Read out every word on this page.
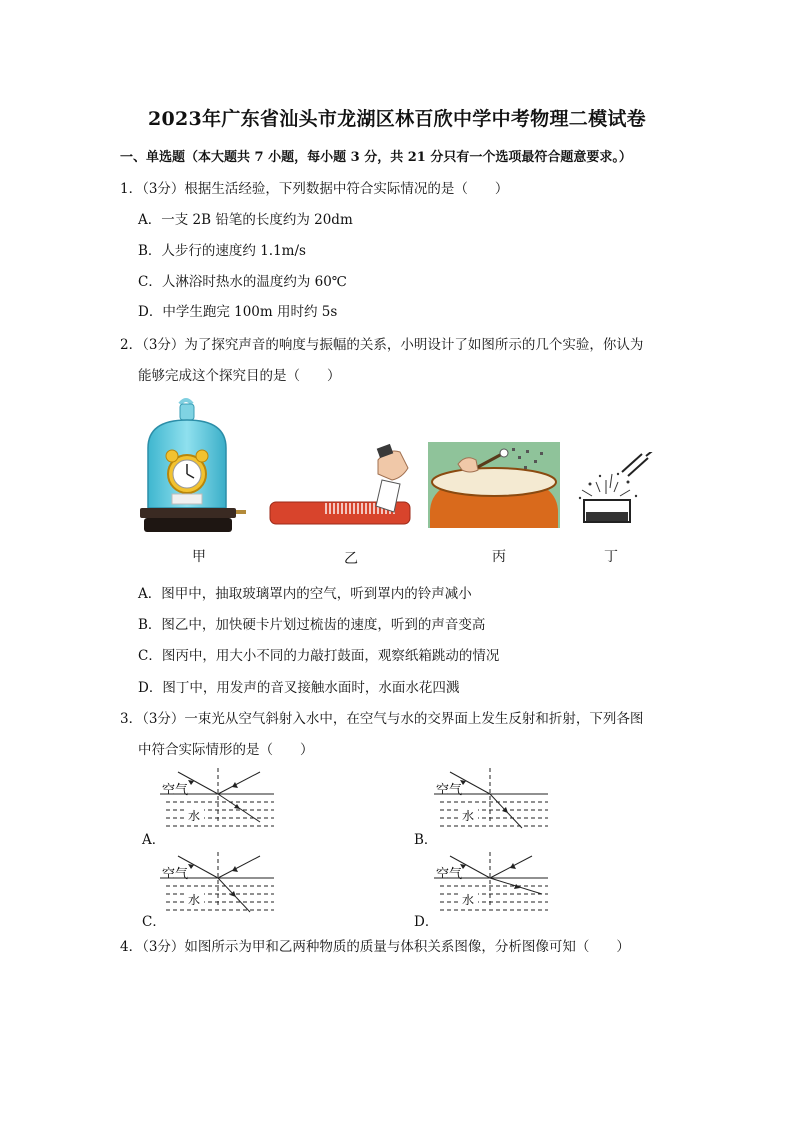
2023年广东省汕头市龙湖区林百欣中学中考物理二模试卷
一、单选题（本大题共 7 小题，每小题 3 分，共 21 分只有一个选项最符合题意要求。）
1．（3分）根据生活经验，下列数据中符合实际情况的是（　　）
A．一支 2B 铅笔的长度约为 20dm
B．人步行的速度约 1.1m/s
C．人淋浴时热水的温度约为 60℃
D．中学生跑完 100m 用时约 5s
2．（3分）为了探究声音的响度与振幅的关系，小明设计了如图所示的几个实验，你认为
能够完成这个探究目的是（　　）
甲	乙	丙	丁
A．图甲中，抽取玻璃罩内的空气，听到罩内的铃声减小
B．图乙中，加快硬卡片划过梳齿的速度，听到的声音变高
C．图丙中，用大小不同的力敲打鼓面，观察纸箱跳动的情况
D．图丁中，用发声的音叉接触水面时，水面水花四溅
3．（3分）一束光从空气斜射入水中，在空气与水的交界面上发生反射和折射，下列各图
中符合实际情形的是（　　）
空气
水
A．
空气
水
B．
空气
水
C．
空气
水
D．
4．（3分）如图所示为甲和乙两种物质的质量与体积关系图像，分析图像可知（　　）
